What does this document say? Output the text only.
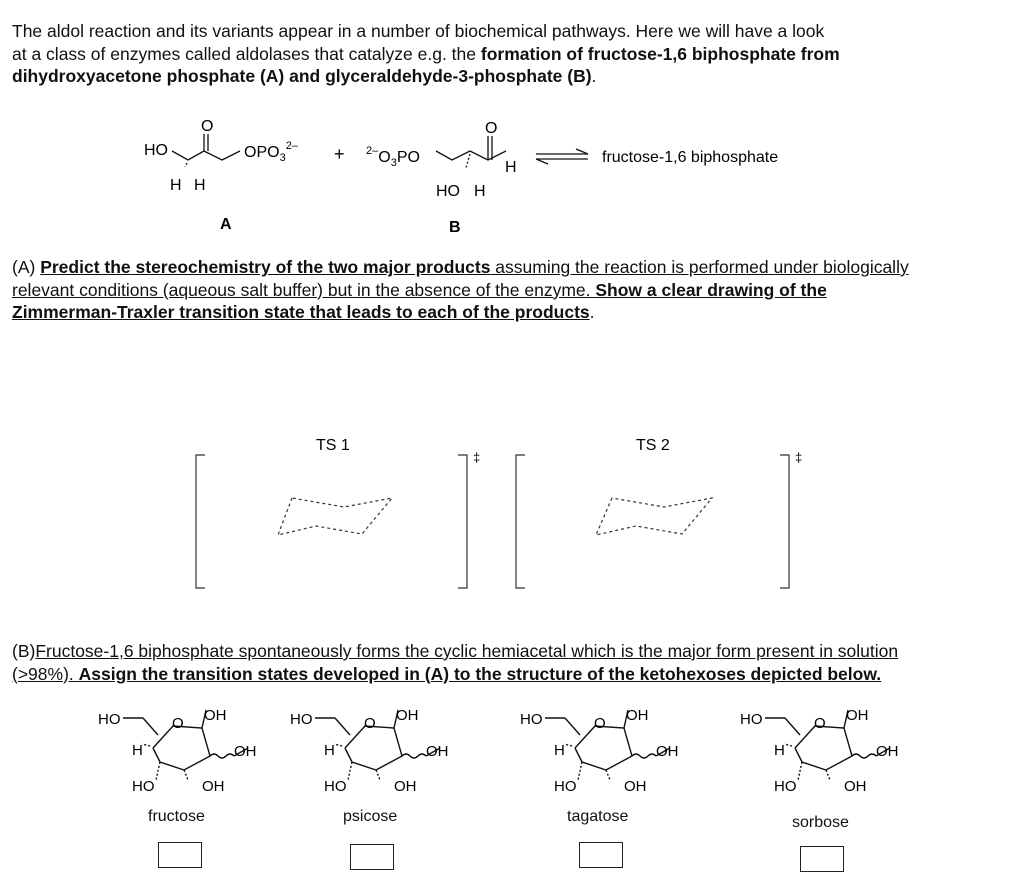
The aldol reaction and its variants appear in a number of biochemical pathways. Here we will have a look
at a class of enzymes called aldolases that catalyze e.g. the formation of fructose-1,6 biphosphate from
dihydroxyacetone phosphate (A) and glyceraldehyde-3-phosphate (B).
HO
O
$OPO_3^{2-}$
H H
A
+ $^{2-}O_3PO$
O
H
HO H
B
fructose-1,6 biphosphate
(A) Predict the stereochemistry of the two major products assuming the reaction is performed under biologically
relevant conditions (aqueous salt buffer) but in the absence of the enzyme. Show a clear drawing of the
Zimmerman-Traxler transition state that leads to each of the products.
TS 1	TS 2
‡	‡
(B)Fructose-1,6 biphosphate spontaneously forms the cyclic hemiacetal which is the major form present in solution
(>98%). Assign the transition states developed in (A) to the structure of the ketohexoses depicted below.
HO	O OH
H	OH
HO	OH
HO	O OH
H	OH
HO	OH
HO	O OH
H	OH
HO	OH
HO	O OH
H	OH
HO	OH
fructose	psicose	tagatose	sorbose
